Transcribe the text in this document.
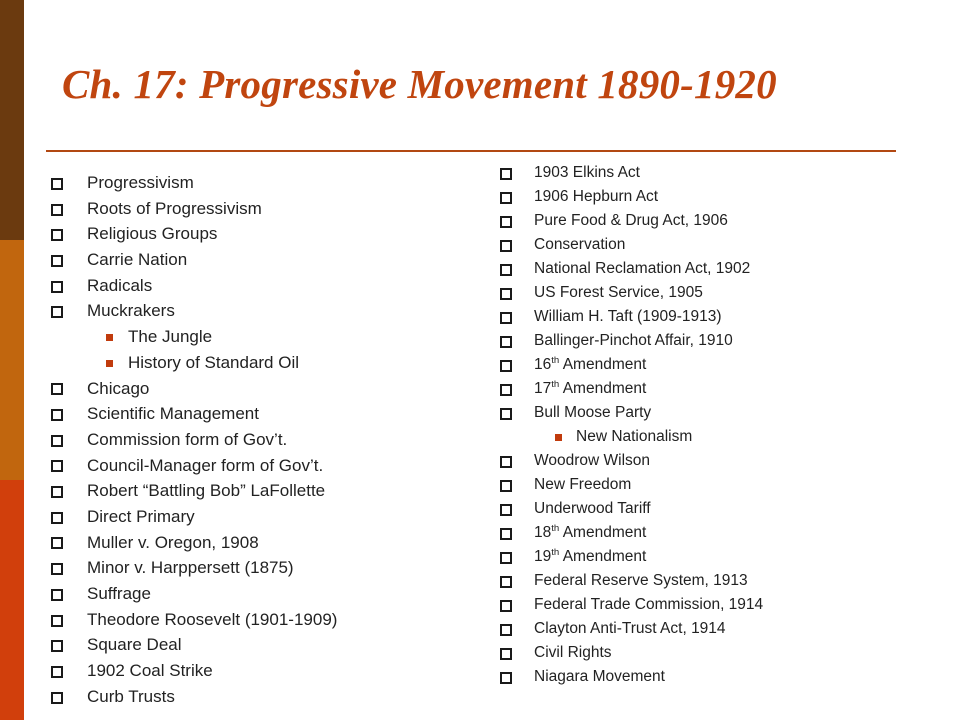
Ch. 17: Progressive Movement 1890-1920
Progressivism
Roots of Progressivism
Religious Groups
Carrie Nation
Radicals
Muckrakers
The Jungle
History of Standard Oil
Chicago
Scientific Management
Commission form of Gov’t.
Council-Manager form of Gov’t.
Robert “Battling Bob” LaFollette
Direct Primary
Muller v. Oregon, 1908
Minor v. Harppersett (1875)
Suffrage
Theodore Roosevelt (1901-1909)
Square Deal
1902 Coal Strike
Curb Trusts
1903 Elkins Act
1906 Hepburn Act
Pure Food & Drug Act, 1906
Conservation
National Reclamation Act, 1902
US Forest Service, 1905
William H. Taft (1909-1913)
Ballinger-Pinchot Affair, 1910
16th Amendment
17th Amendment
Bull Moose Party
New Nationalism
Woodrow Wilson
New Freedom
Underwood Tariff
18th Amendment
19th Amendment
Federal Reserve System, 1913
Federal Trade Commission, 1914
Clayton Anti-Trust Act, 1914
Civil Rights
Niagara Movement
